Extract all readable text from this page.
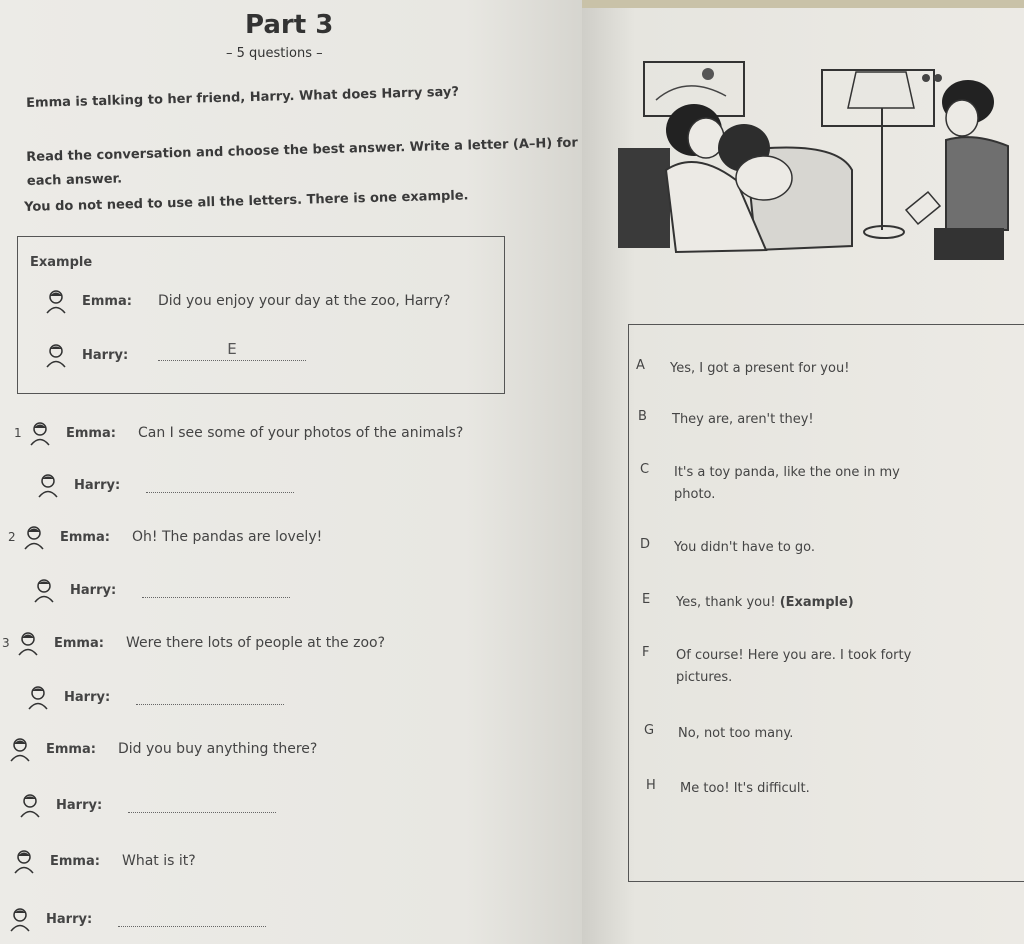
Part 3
– 5 questions –
Emma is talking to her friend, Harry. What does Harry say?
Read the conversation and choose the best answer. Write a letter (A–H) for each answer.
You do not need to use all the letters. There is one example.
Example
Emma:	Did you enjoy your day at the zoo, Harry?
Harry:	E
1	Emma:	Can I see some of your photos of the animals?
Harry:
2	Emma:	Oh! The pandas are lovely!
Harry:
3	Emma:	Were there lots of people at the zoo?
Harry:
Emma:	Did you buy anything there?
Harry:
Emma:	What is it?
Harry:
A	Yes, I got a present for you!
B	They are, aren't they!
C	It's a toy panda, like the one in my photo.
D	You didn't have to go.
E	Yes, thank you! (Example)
F	Of course! Here you are. I took forty pictures.
G	No, not too many.
H	Me too! It's difficult.
